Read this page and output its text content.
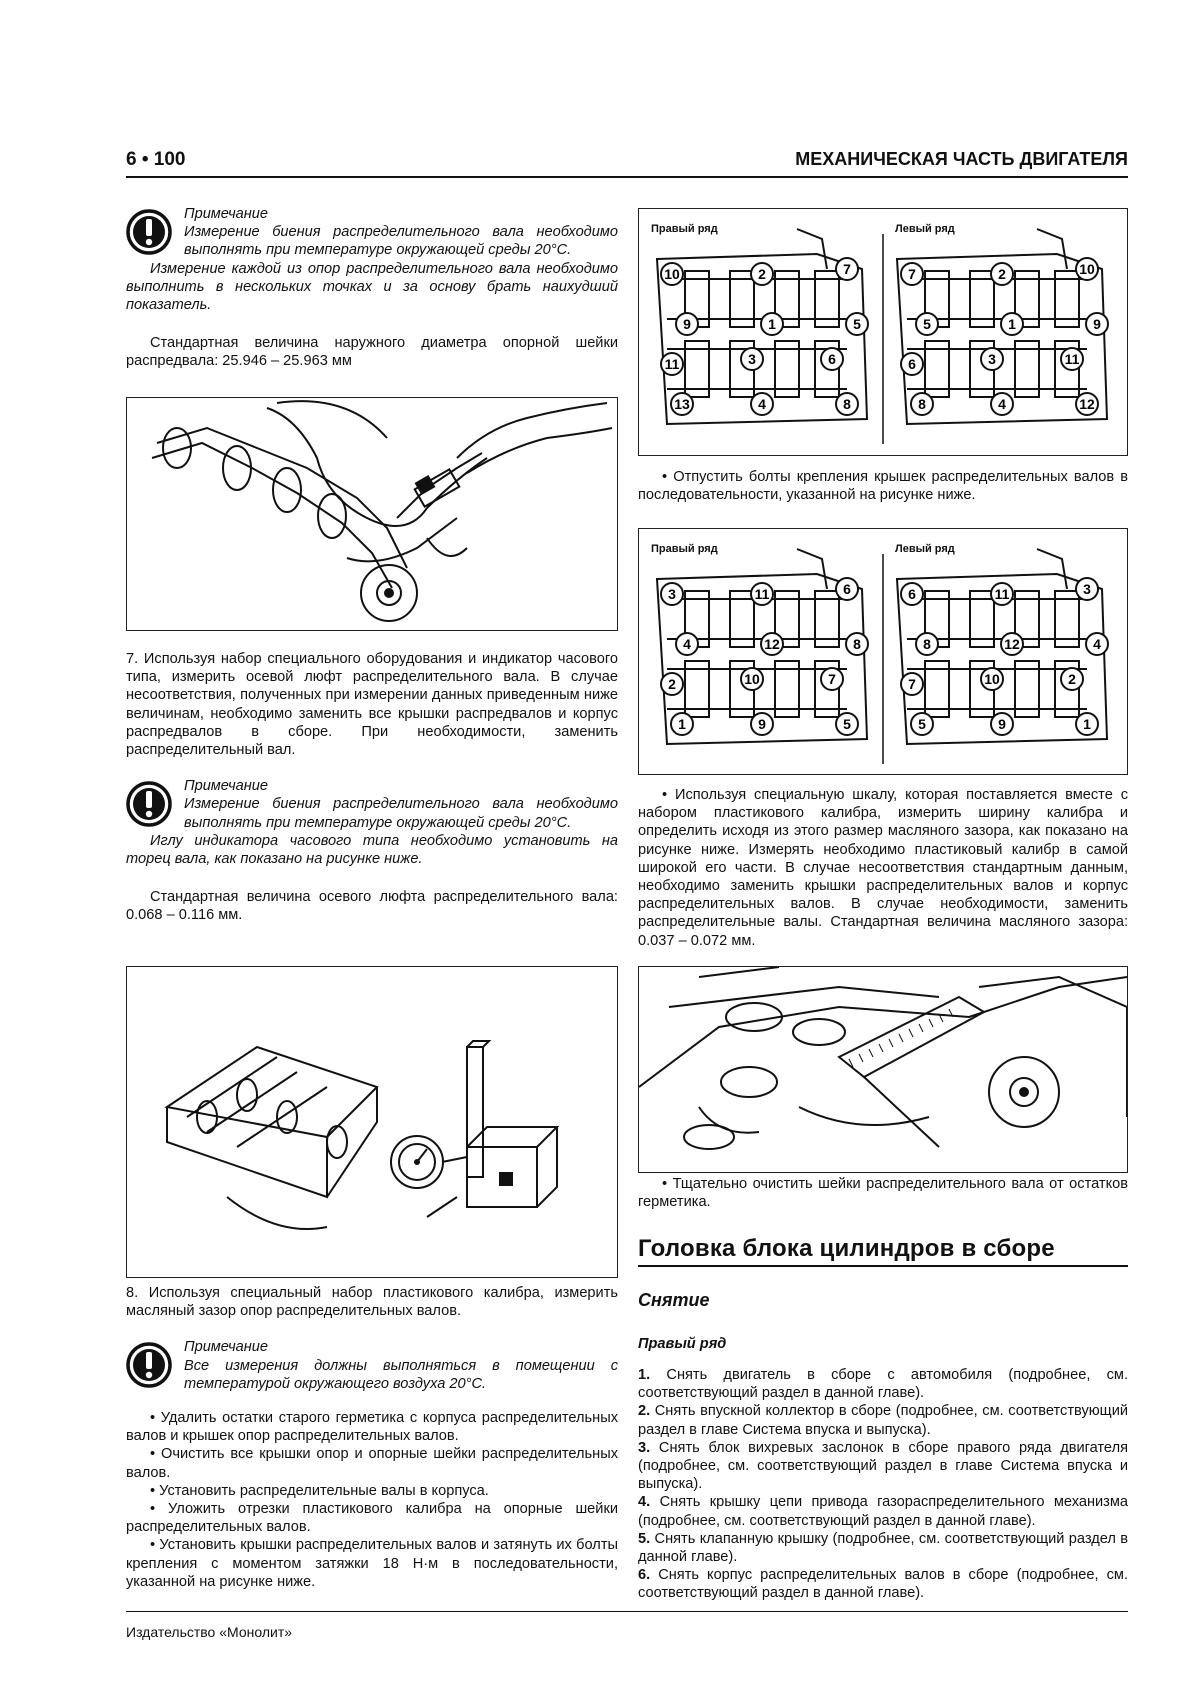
6 • 100	МЕХАНИЧЕСКАЯ ЧАСТЬ ДВИГАТЕЛЯ
Примечание
Измерение биения распределительного вала необходимо выполнять при температуре окружающей среды 20°С.

Измерение каждой из опор распределительного вала необходимо выполнить в нескольких точках и за основу брать наихудший показатель.

Стандартная величина наружного диаметра опорной шейки распредвала: 25.946 – 25.963 мм

7. Используя набор специального оборудования и индикатор часового типа, измерить осевой люфт распределительного вала. В случае несоответствия, полученных при измерении данных приведенным ниже величинам, необходимо заменить все крышки распредвалов и корпус распредвалов в сборе. При необходимости, заменить распределительный вал.

Примечание
Измерение биения распределительного вала необходимо выполнять при температуре окружающей среды 20°С.

Иглу индикатора часового типа необходимо установить на торец вала, как показано на рисунке ниже.

Стандартная величина осевого люфта распределительного вала: 0.068 – 0.116 мм.

8. Используя специальный набор пластикового калибра, измерить масляный зазор опор распределительных валов.

Примечание
Все измерения должны выполняться в помещении с температурой окружающего воздуха 20°С.

• Удалить остатки старого герметика с корпуса распределительных валов и крышек опор распределительных валов.

• Очистить все крышки опор и опорные шейки распределительных валов.

• Установить распределительные валы в корпуса.

• Уложить отрезки пластикового калибра на опорные шейки распределительных валов.

• Установить крышки распределительных валов и затянуть их болты крепления с моментом затяжки 18 Н·м в последовательности, указанной на рисунке ниже.

Правый ряд	Левый ряд
10	2	7
9	1	5
11	3	6
13	4	8
7	2	10
5	1	9
6	3	11
8	4	12

• Отпустить болты крепления крышек распределительных валов в последовательности, указанной на рисунке ниже.

Правый ряд	Левый ряд
3	11	6
4	12	8
2	10	7
1	9	5
6	11	3
8	12	4
7	10	2
5	9	1

• Используя специальную шкалу, которая поставляется вместе с набором пластикового калибра, измерить ширину калибра и определить исходя из этого размер масляного зазора, как показано на рисунке ниже. Измерять необходимо пластиковый калибр в самой широкой его части. В случае несоответствия стандартным данным, необходимо заменить крышки распределительных валов и корпус распределительных валов. В случае необходимости, заменить распределительные валы. Стандартная величина масляного зазора: 0.037 – 0.072 мм.

• Тщательно очистить шейки распределительного вала от остатков герметика.

Головка блока цилиндров в сборе
Снятие
Правый ряд

1. Снять двигатель в сборе с автомобиля (подробнее, см. соответствующий раздел в данной главе).

2. Снять впускной коллектор в сборе (подробнее, см. соответствующий раздел в главе Система впуска и выпуска).

3. Снять блок вихревых заслонок в сборе правого ряда двигателя (подробнее, см. соответствующий раздел в главе Система впуска и выпуска).

4. Снять крышку цепи привода газораспределительного механизма (подробнее, см. соответствующий раздел в данной главе).

5. Снять клапанную крышку (подробнее, см. соответствующий раздел в данной главе).

6. Снять корпус распределительных валов в сборе (подробнее, см. соответствующий раздел в данной главе).

Издательство «Монолит»
